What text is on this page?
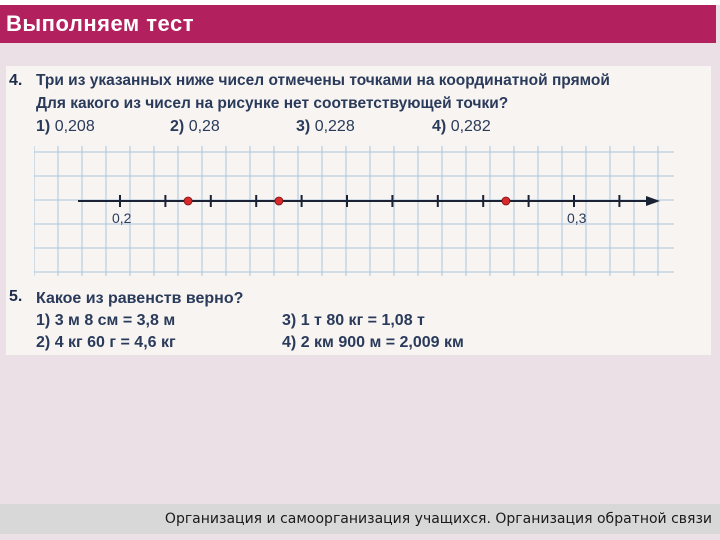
Выполняем тест
4. Три из указанных ниже чисел отмечены точками на координатной прямой
Для какого из чисел на рисунке нет соответствующей точки?
1) 0,208	2) 0,28	3) 0,228	4) 0,282
0,2	0,3
5. Какое из равенств верно?
1) 3 м 8 см = 3,8 м
2) 4 кг 60 г = 4,6 кг
3) 1 т 80 кг = 1,08 т
4) 2 км 900 м = 2,009 км
Организация и самоорганизация учащихся. Организация обратной связи
